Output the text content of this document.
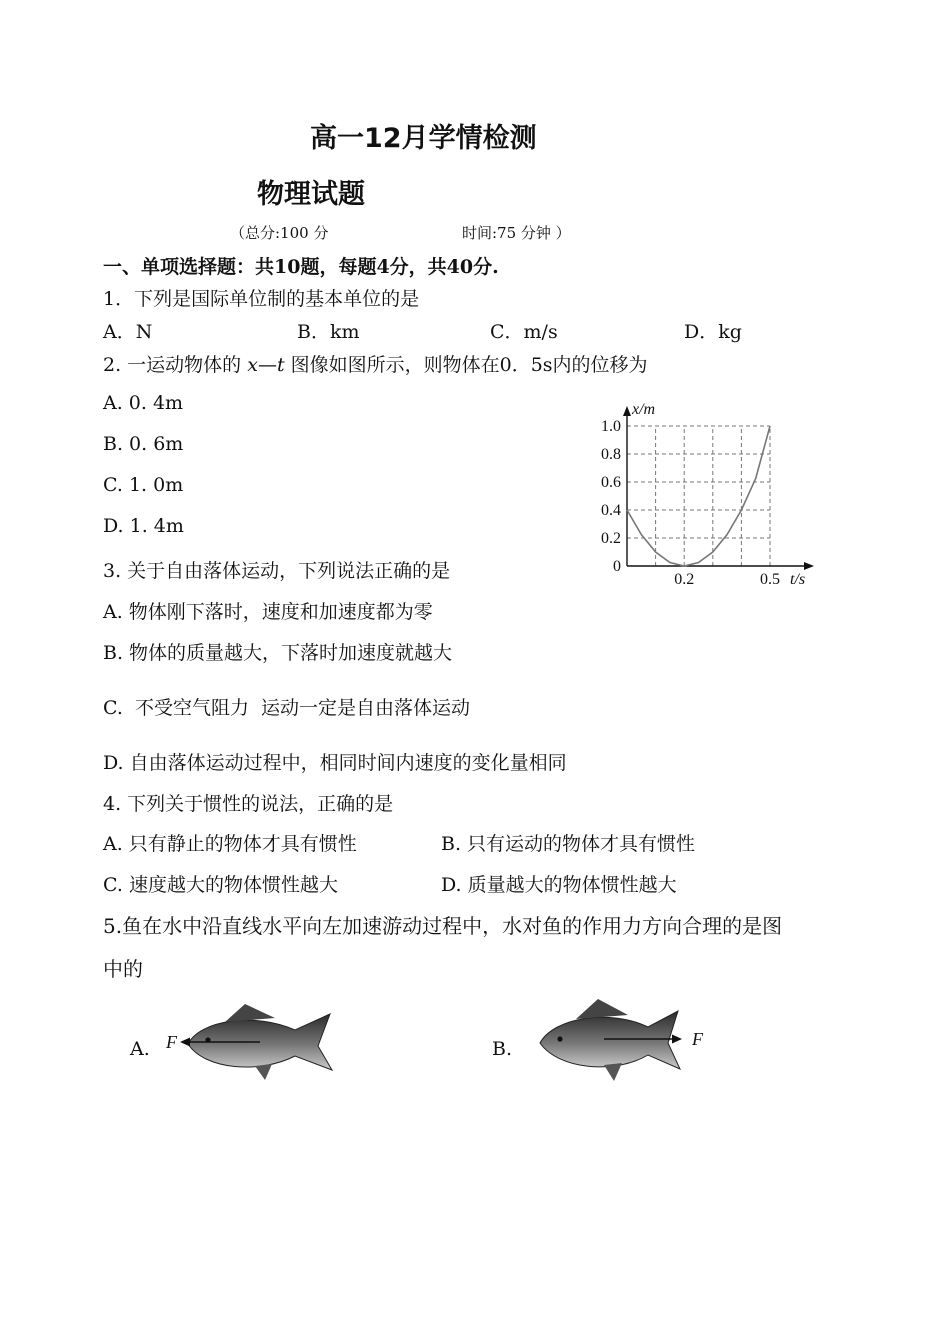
高一12月学情检测
物理试题
（总分:100 分	时间:75 分钟 ）
一、单项选择题：共10题，每题4分，共40分.
1．下列是国际单位制的基本单位的是
A．N	B．km	C．m/s	D．kg
2. 一运动物体的 x—t 图像如图所示，则物体在0．5s内的位移为
A. 0. 4m
B. 0. 6m
C. 1. 0m
D. 1. 4m
x/m
t/s
0
0.2
0.4
0.6
0.8
1.0
0.2	0.5
3. 关于自由落体运动，下列说法正确的是
A. 物体刚下落时，速度和加速度都为零
B. 物体的质量越大，下落时加速度就越大
C.  不受空气阻力  运动一定是自由落体运动
D. 自由落体运动过程中，相同时间内速度的变化量相同
4. 下列关于惯性的说法，正确的是
A. 只有静止的物体才具有惯性	B. 只有运动的物体才具有惯性
C. 速度越大的物体惯性越大	D. 质量越大的物体惯性越大
5.鱼在水中沿直线水平向左加速游动过程中，水对鱼的作用力方向合理的是图
中的
A.	B.
F	F
